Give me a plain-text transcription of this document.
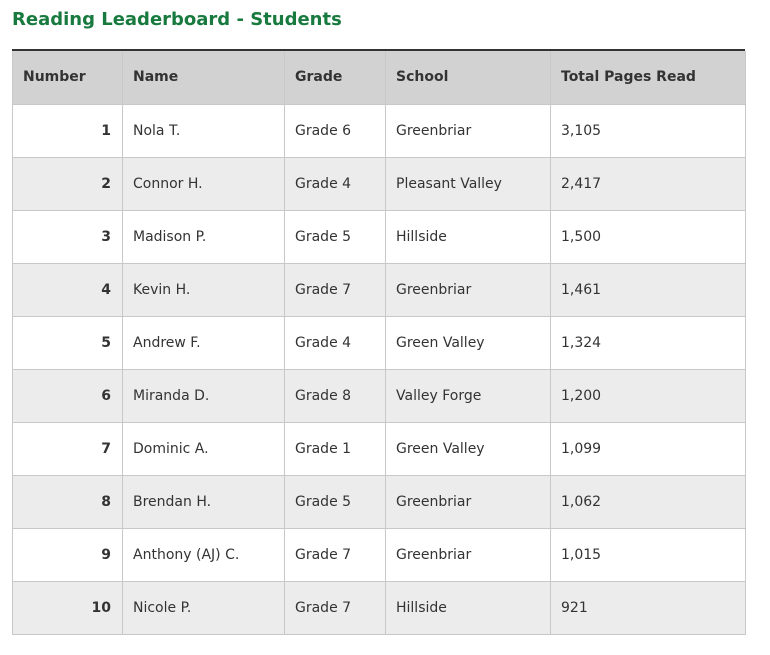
Reading Leaderboard - Students
Number	Name	Grade	School	Total Pages Read
1	Nola T.	Grade 6	Greenbriar	3,105
2	Connor H.	Grade 4	Pleasant Valley	2,417
3	Madison P.	Grade 5	Hillside	1,500
4	Kevin H.	Grade 7	Greenbriar	1,461
5	Andrew F.	Grade 4	Green Valley	1,324
6	Miranda D.	Grade 8	Valley Forge	1,200
7	Dominic A.	Grade 1	Green Valley	1,099
8	Brendan H.	Grade 5	Greenbriar	1,062
9	Anthony (AJ) C.	Grade 7	Greenbriar	1,015
10	Nicole P.	Grade 7	Hillside	921
